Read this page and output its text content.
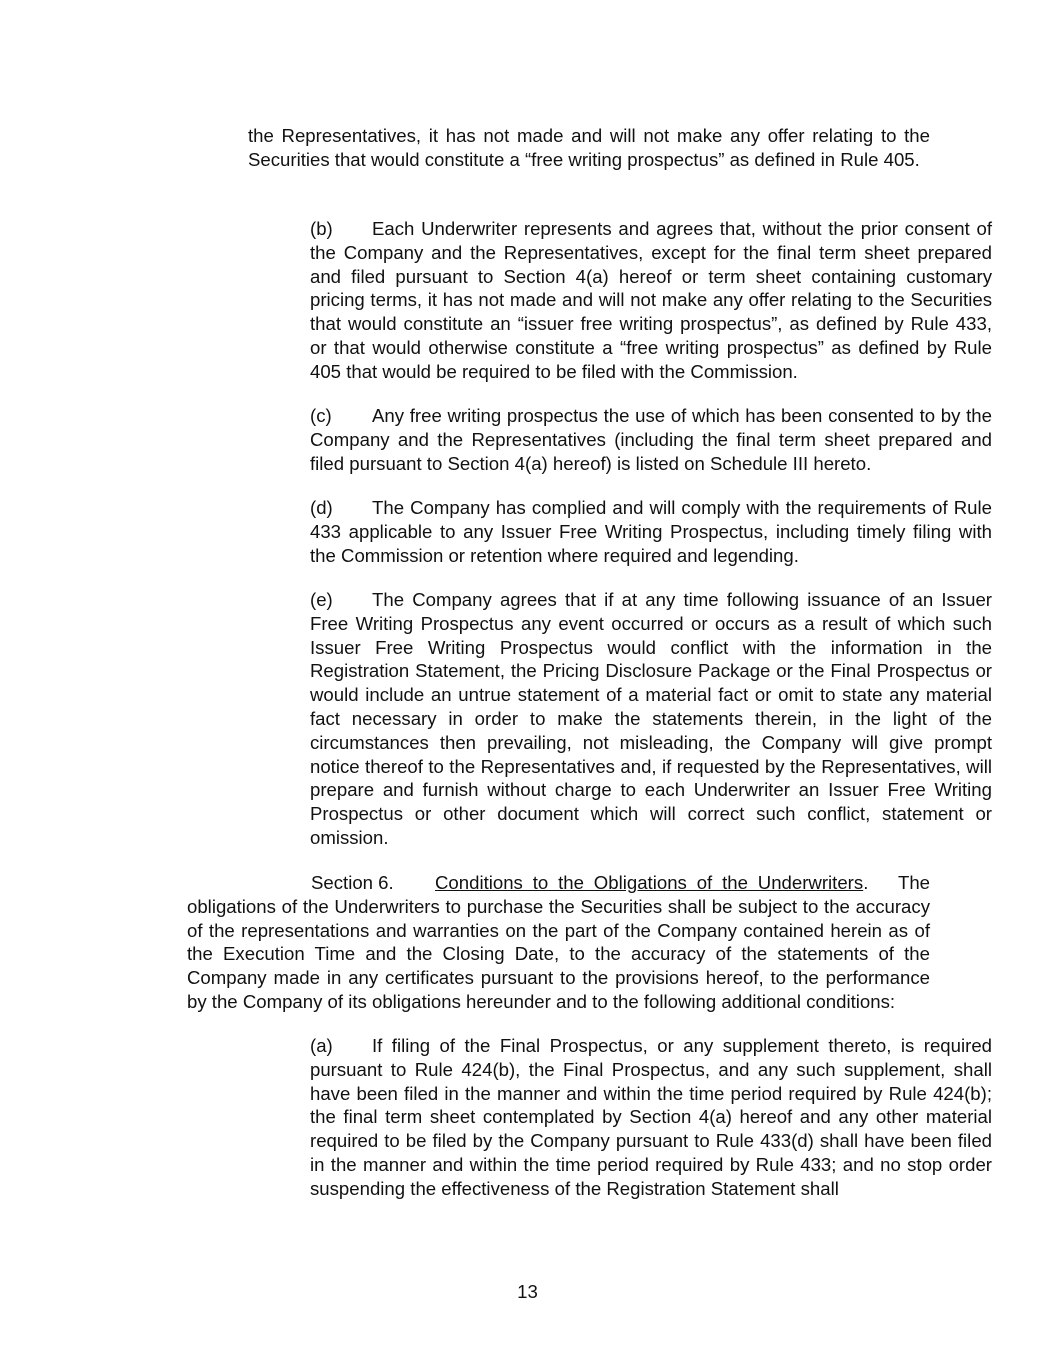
the Representatives, it has not made and will not make any offer relating to the Securities that would constitute a “free writing prospectus” as defined in Rule 405.

(b) Each Underwriter represents and agrees that, without the prior consent of the Company and the Representatives, except for the final term sheet prepared and filed pursuant to Section 4(a) hereof or term sheet containing customary pricing terms, it has not made and will not make any offer relating to the Securities that would constitute an “issuer free writing prospectus”, as defined by Rule 433, or that would otherwise constitute a “free writing prospectus” as defined by Rule 405 that would be required to be filed with the Commission.

(c) Any free writing prospectus the use of which has been consented to by the Company and the Representatives (including the final term sheet prepared and filed pursuant to Section 4(a) hereof) is listed on Schedule III hereto.

(d) The Company has complied and will comply with the requirements of Rule 433 applicable to any Issuer Free Writing Prospectus, including timely filing with the Commission or retention where required and legending.

(e) The Company agrees that if at any time following issuance of an Issuer Free Writing Prospectus any event occurred or occurs as a result of which such Issuer Free Writing Prospectus would conflict with the information in the Registration Statement, the Pricing Disclosure Package or the Final Prospectus or would include an untrue statement of a material fact or omit to state any material fact necessary in order to make the statements therein, in the light of the circumstances then prevailing, not misleading, the Company will give prompt notice thereof to the Representatives and, if requested by the Representatives, will prepare and furnish without charge to each Underwriter an Issuer Free Writing Prospectus or other document which will correct such conflict, statement or omission.

Section 6. Conditions to the Obligations of the Underwriters. The obligations of the Underwriters to purchase the Securities shall be subject to the accuracy of the representations and warranties on the part of the Company contained herein as of the Execution Time and the Closing Date, to the accuracy of the statements of the Company made in any certificates pursuant to the provisions hereof, to the performance by the Company of its obligations hereunder and to the following additional conditions:

(a) If filing of the Final Prospectus, or any supplement thereto, is required pursuant to Rule 424(b), the Final Prospectus, and any such supplement, shall have been filed in the manner and within the time period required by Rule 424(b); the final term sheet contemplated by Section 4(a) hereof and any other material required to be filed by the Company pursuant to Rule 433(d) shall have been filed in the manner and within the time period required by Rule 433; and no stop order suspending the effectiveness of the Registration Statement shall

13
